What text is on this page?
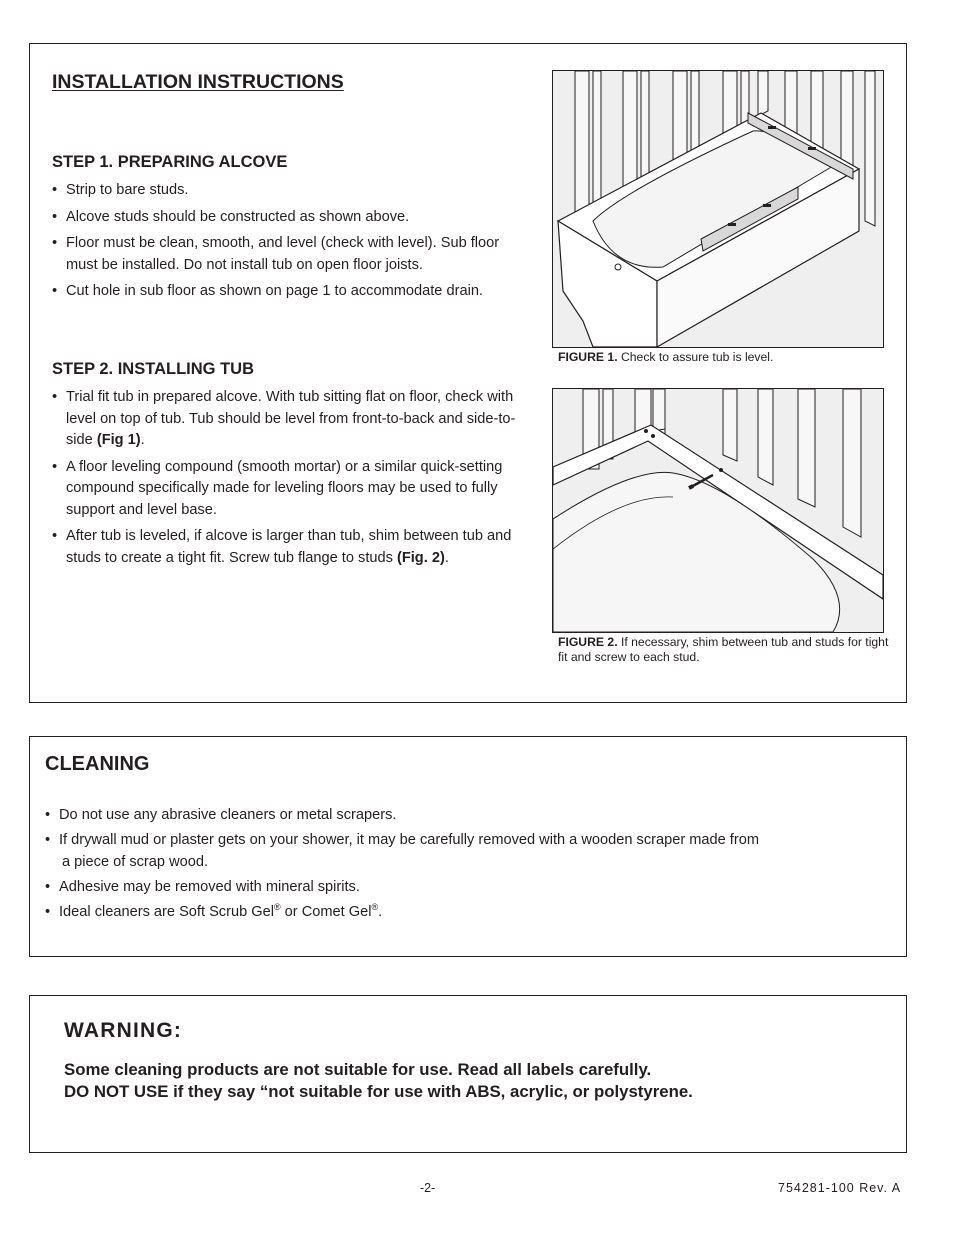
INSTALLATION INSTRUCTIONS
STEP 1. PREPARING ALCOVE
• Strip to bare studs.
• Alcove studs should be constructed as shown above.
• Floor must be clean, smooth, and level (check with level). Sub floor must be installed. Do not install tub on open floor joists.
• Cut hole in sub floor as shown on page 1 to accommodate drain.
STEP 2. INSTALLING TUB
• Trial fit tub in prepared alcove. With tub sitting flat on floor, check with level on top of tub. Tub should be level from front-to-back and side-to-side (Fig 1).
• A floor leveling compound (smooth mortar) or a similar quick-setting compound specifically made for leveling floors may be used to fully support and level base.
• After tub is leveled, if alcove is larger than tub, shim between tub and studs to create a tight fit. Screw tub flange to studs (Fig. 2).
FIGURE 1. Check to assure tub is level.
FIGURE 2. If necessary, shim between tub and studs for tight fit and screw to each stud.
CLEANING
• Do not use any abrasive cleaners or metal scrapers.
• If drywall mud or plaster gets on your shower, it may be carefully removed with a wooden scraper made from
a piece of scrap wood.
• Adhesive may be removed with mineral spirits.
• Ideal cleaners are Soft Scrub Gel® or Comet Gel®.
WARNING:
Some cleaning products are not suitable for use. Read all labels carefully.
DO NOT USE if they say “not suitable for use with ABS, acrylic, or polystyrene.
-2-	754281-100 Rev. A
